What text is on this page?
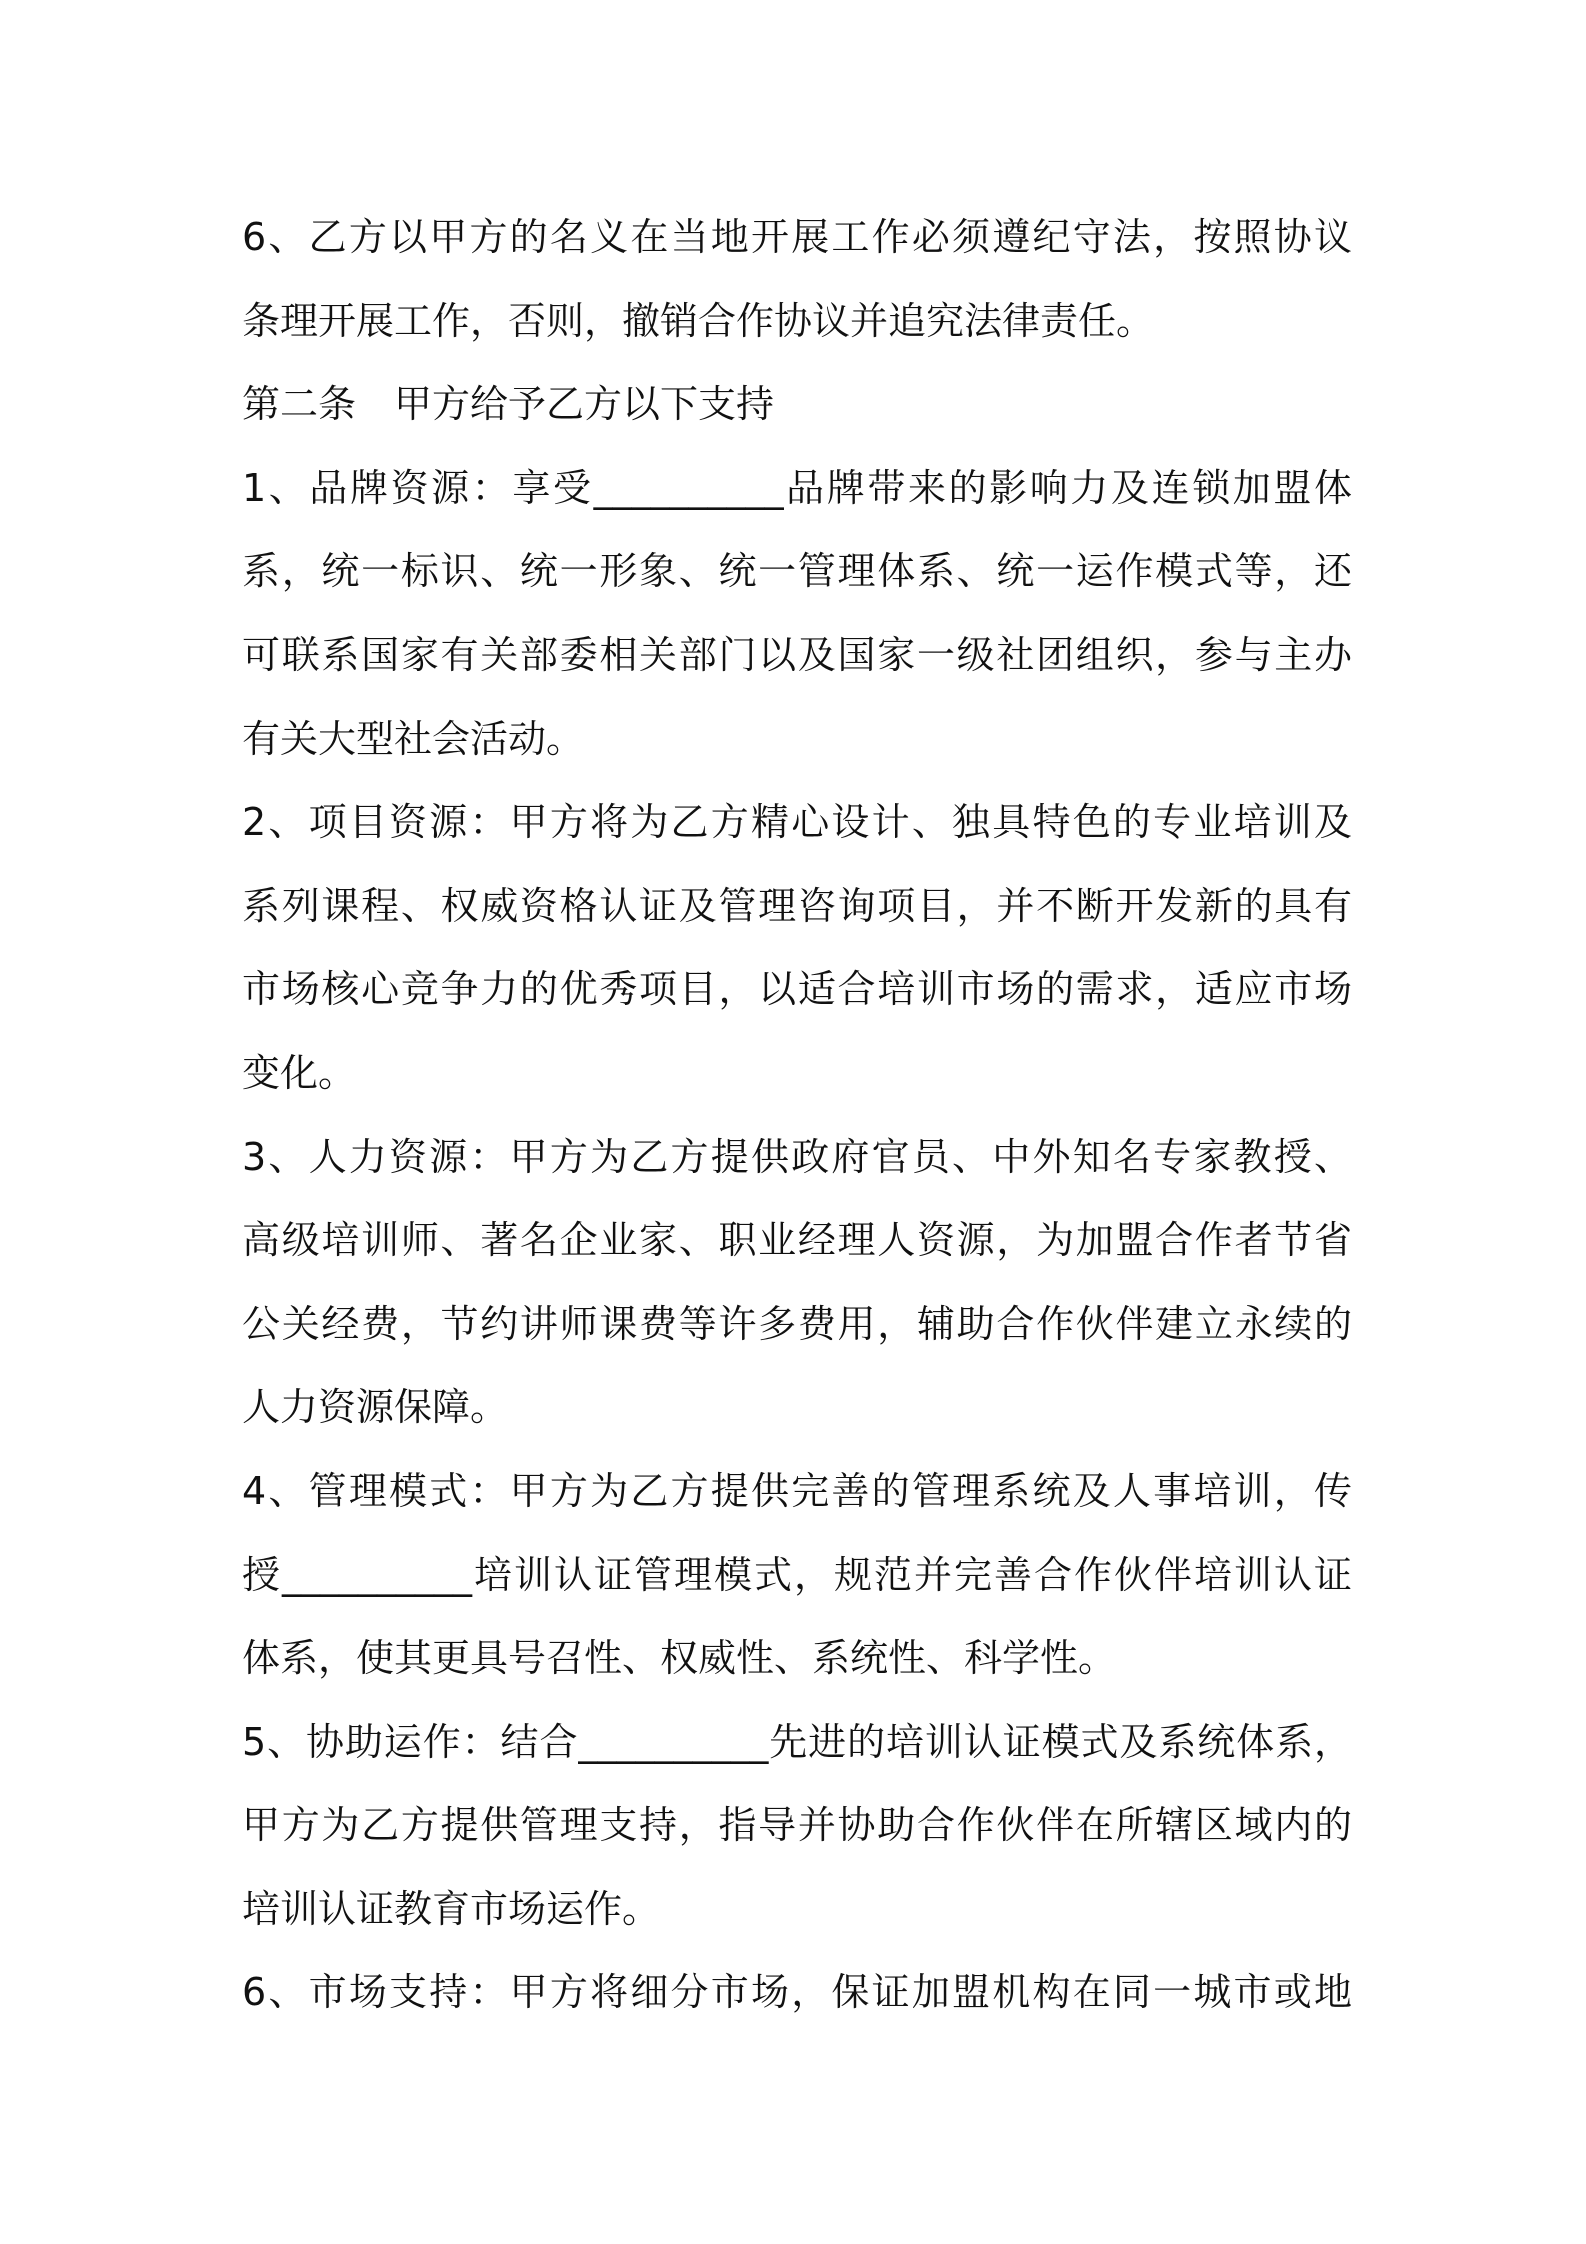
6、乙方以甲方的名义在当地开展工作必须遵纪守法，按照协议
条理开展工作，否则，撤销合作协议并追究法律责任。
第二条　甲方给予乙方以下支持
1、品牌资源：享受__________品牌带来的影响力及连锁加盟体
系，统一标识、统一形象、统一管理体系、统一运作模式等，还
可联系国家有关部委相关部门以及国家一级社团组织，参与主办
有关大型社会活动。
2、项目资源：甲方将为乙方精心设计、独具特色的专业培训及
系列课程、权威资格认证及管理咨询项目，并不断开发新的具有
市场核心竞争力的优秀项目，以适合培训市场的需求，适应市场
变化。
3、人力资源：甲方为乙方提供政府官员、中外知名专家教授、
高级培训师、著名企业家、职业经理人资源，为加盟合作者节省
公关经费，节约讲师课费等许多费用，辅助合作伙伴建立永续的
人力资源保障。
4、管理模式：甲方为乙方提供完善的管理系统及人事培训，传
授__________培训认证管理模式，规范并完善合作伙伴培训认证
体系，使其更具号召性、权威性、系统性、科学性。
5、协助运作：结合__________先进的培训认证模式及系统体系，
甲方为乙方提供管理支持，指导并协助合作伙伴在所辖区域内的
培训认证教育市场运作。
6、市场支持：甲方将细分市场，保证加盟机构在同一城市或地
